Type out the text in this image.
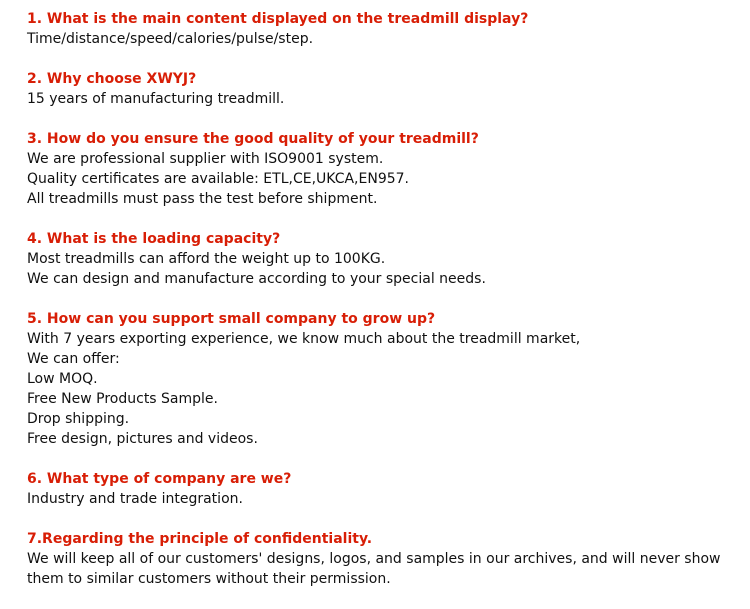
1. What is the main content displayed on the treadmill display?
Time/distance/speed/calories/pulse/step.
2. Why choose XWYJ?
15 years of manufacturing treadmill.
3. How do you ensure the good quality of your treadmill?
We are professional supplier with ISO9001 system.
Quality certificates are available: ETL,CE,UKCA,EN957.
All treadmills must pass the test before shipment.
4. What is the loading capacity?
Most treadmills can afford the weight up to 100KG.
We can design and manufacture according to your special needs.
5. How can you support small company to grow up?
With 7 years exporting experience, we know much about the treadmill market,
We can offer:
Low MOQ.
Free New Products Sample.
Drop shipping.
Free design, pictures and videos.
6. What type of company are we?
Industry and trade integration.
7.Regarding the principle of confidentiality.
We will keep all of our customers' designs, logos, and samples in our archives, and will never show them to similar customers without their permission.
